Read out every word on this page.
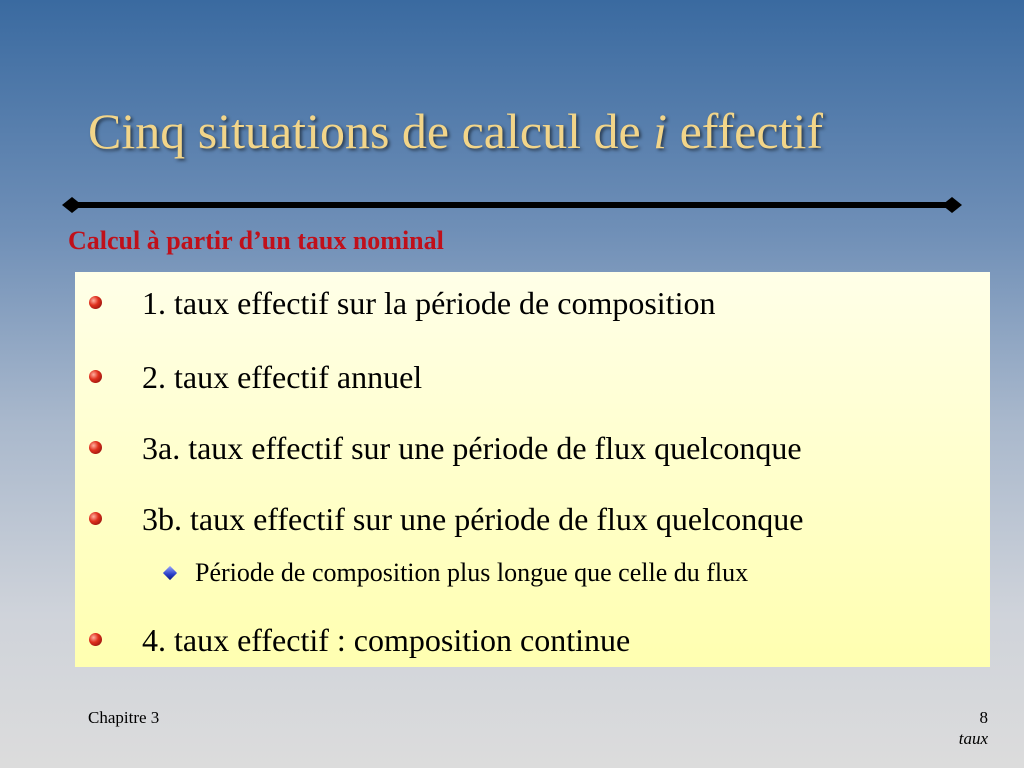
Cinq situations de calcul de i effectif
Calcul à partir d’un taux nominal
1. taux effectif sur la période de composition
2. taux effectif annuel
3a. taux effectif sur une période de flux quelconque
3b. taux effectif sur une période de flux quelconque
Période de composition plus longue que celle du flux
4. taux effectif : composition continue
Chapitre 3	8
taux
